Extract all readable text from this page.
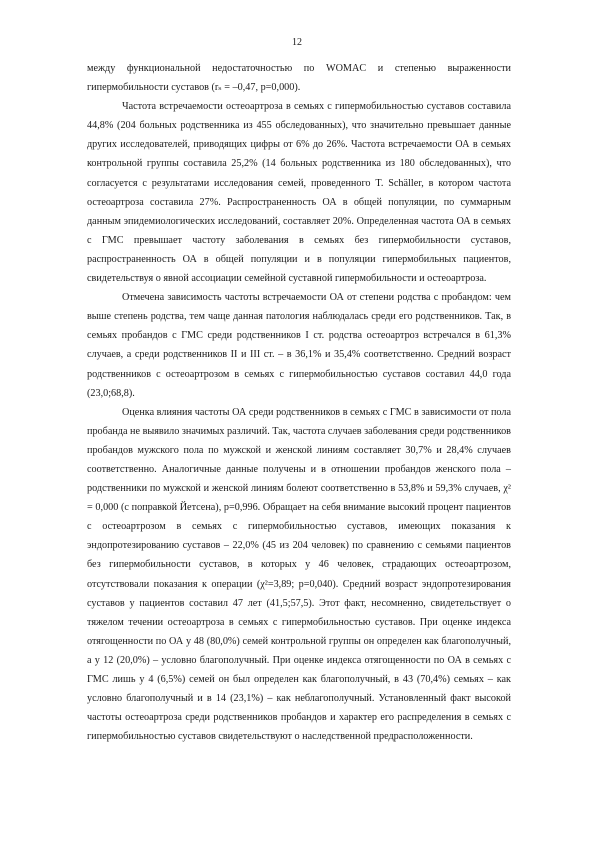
12

между функциональной недостаточностью по WOMAC и степенью выраженности гипермобильности суставов (rₛ = –0,47, p=0,000).

Частота встречаемости остеоартроза в семьях с гипермобильностью суставов составила 44,8% (204 больных родственника из 455 обследованных), что значительно превышает данные других исследователей, приводящих цифры от 6% до 26%. Частота встречаемости ОА в семьях контрольной группы составила 25,2% (14 больных родственника из 180 обследованных), что согласуется с результатами исследования семей, проведенного T. Schäller, в котором частота остеоартроза составила 27%. Распространенность ОА в общей популяции, по суммарным данным эпидемиологических исследований, составляет 20%. Определенная частота ОА в семьях с ГМС превышает частоту заболевания в семьях без гипермобильности суставов, распространенность ОА в общей популяции и в популяции гипермобильных пациентов, свидетельствуя о явной ассоциации семейной суставной гипермобильности и остеоартроза.

Отмечена зависимость частоты встречаемости ОА от степени родства с пробандом: чем выше степень родства, тем чаще данная патология наблюдалась среди его родственников. Так, в семьях пробандов с ГМС среди родственников I ст. родства остеоартроз встречался в 61,3% случаев, а среди родственников II и III ст. – в 36,1% и 35,4% соответственно. Средний возраст родственников с остеоартрозом в семьях с гипермобильностью суставов составил 44,0 года (23,0;68,8).

Оценка влияния частоты ОА среди родственников в семьях с ГМС в зависимости от пола пробанда не выявило значимых различий. Так, частота случаев заболевания среди родственников пробандов мужского пола по мужской и женской линиям составляет 30,7% и 28,4% случаев соответственно. Аналогичные данные получены и в отношении пробандов женского пола – родственники по мужской и женской линиям болеют соответственно в 53,8% и 59,3% случаев, χ² = 0,000 (с поправкой Йетсена), p=0,996. Обращает на себя внимание высокий процент пациентов с остеоартрозом в семьях с гипермобильностью суставов, имеющих показания к эндопротезированию суставов – 22,0% (45 из 204 человек) по сравнению с семьями пациентов без гипермобильности суставов, в которых у 46 человек, страдающих остеоартрозом, отсутствовали показания к операции (χ²=3,89; p=0,040). Средний возраст эндопротезирования суставов у пациентов составил 47 лет (41,5;57,5). Этот факт, несомненно, свидетельствует о тяжелом течении остеоартроза в семьях с гипермобильностью суставов. При оценке индекса отягощенности по ОА у 48 (80,0%) семей контрольной группы он определен как благополучный, а у 12 (20,0%) – условно благополучный. При оценке индекса отягощенности по ОА в семьях с ГМС лишь у 4 (6,5%) семей он был определен как благополучный, в 43 (70,4%) семьях – как условно благополучный и в 14 (23,1%) – как неблагополучный. Установленный факт высокой частоты остеоартроза среди родственников пробандов и характер его распределения в семьях с гипермобильностью суставов свидетельствуют о наследственной предрасположенности.
